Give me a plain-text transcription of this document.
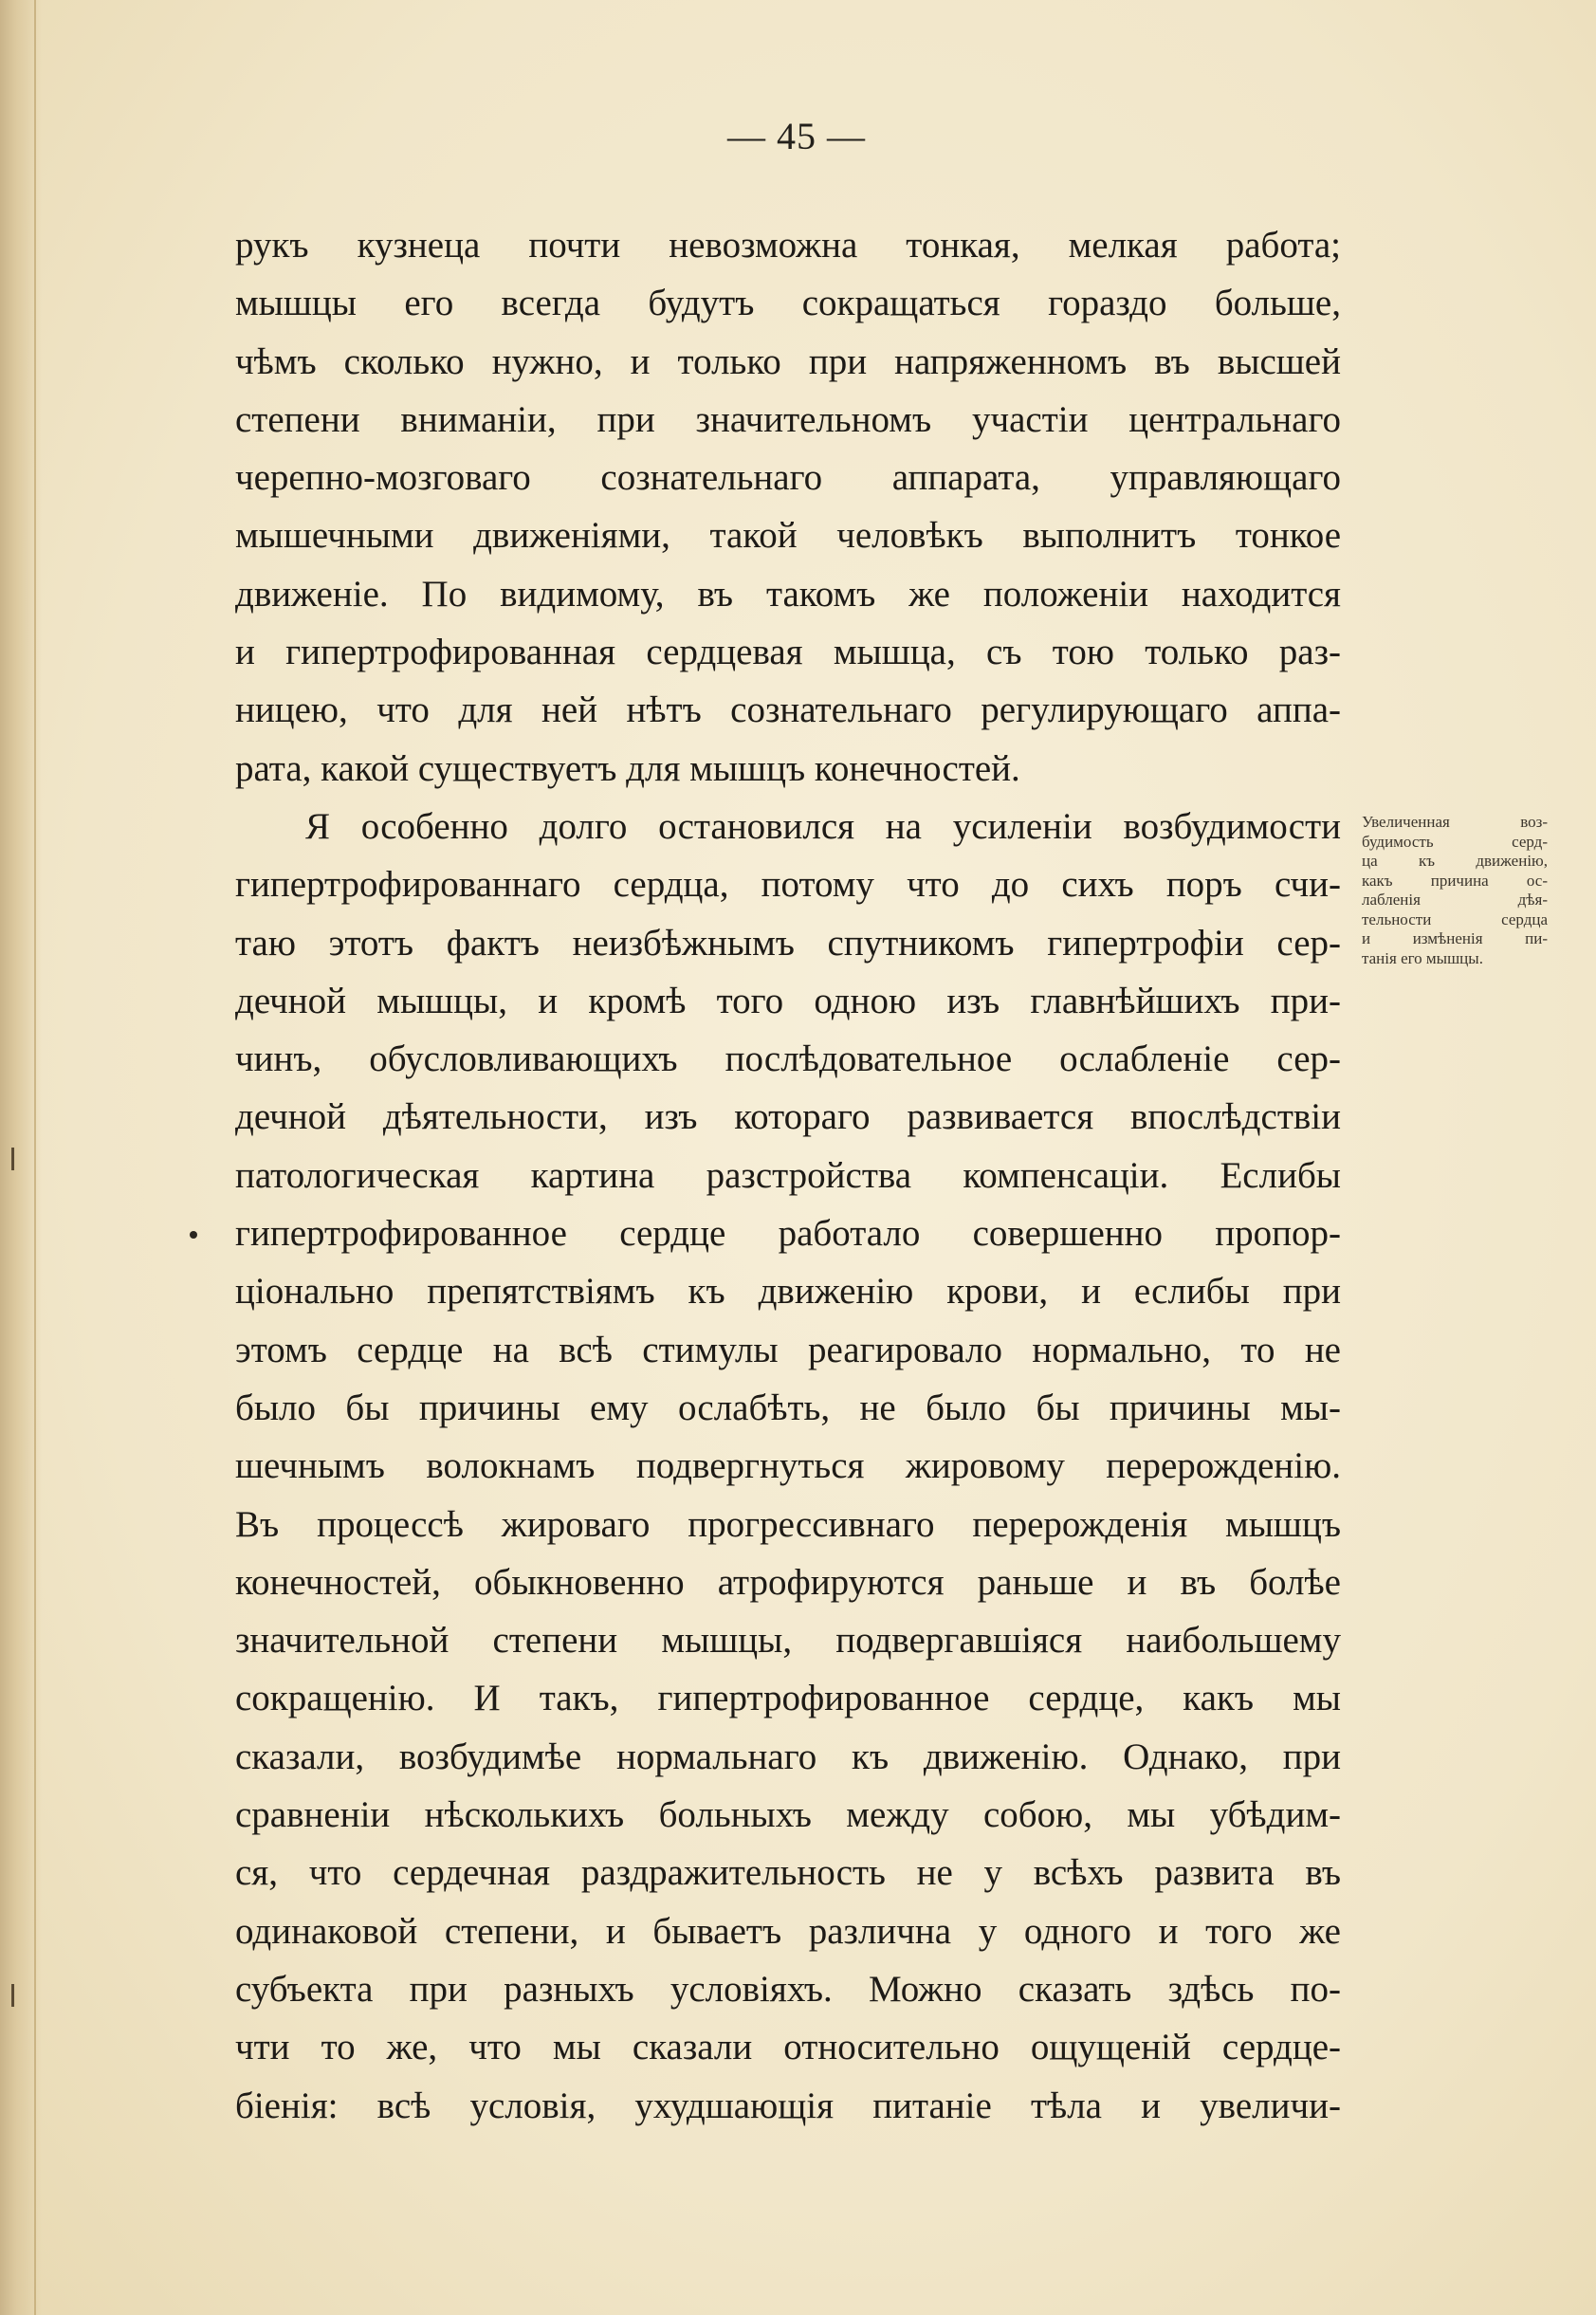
— 45 —
рукъ кузнеца почти невозможна тонкая, мелкая работа;
мышцы его всегда будутъ сокращаться гораздо больше,
чѣмъ сколько нужно, и только при напряженномъ въ высшей
степени вниманіи, при значительномъ участіи центральнаго
черепно-мозговаго сознательнаго аппарата, управляющаго
мышечными движеніями, такой человѣкъ выполнитъ тонкое
движеніе. По видимому, въ такомъ же положеніи находится
и гипертрофированная сердцевая мышца, съ тою только раз-
ницею, что для ней нѣтъ сознательнаго регулирующаго аппа-
рата, какой существуетъ для мышцъ конечностей.
Я особенно долго остановился на усиленіи возбудимости
гипертрофированнаго сердца, потому что до сихъ поръ счи-
таю этотъ фактъ неизбѣжнымъ спутникомъ гипертрофіи сер-
дечной мышцы, и кромѣ того одною изъ главнѣйшихъ при-
чинъ, обусловливающихъ послѣдовательное ослабленіе сер-
дечной дѣятельности, изъ котораго развивается впослѣдствіи
патологическая картина разстройства компенсаціи. Еслибы
гипертрофированное сердце работало совершенно пропор-
ціонально препятствіямъ къ движенію крови, и еслибы при
этомъ сердце на всѣ стимулы реагировало нормально, то не
было бы причины ему ослабѣть, не было бы причины мы-
шечнымъ волокнамъ подвергнуться жировому перерожденію.
Въ процессѣ жироваго прогрессивнаго перерожденія мышцъ
конечностей, обыкновенно атрофируются раньше и въ болѣе
значительной степени мышцы, подвергавшіяся наибольшему
сокращенію. И такъ, гипертрофированное сердце, какъ мы
сказали, возбудимѣе нормальнаго къ движенію. Однако, при
сравненіи нѣсколькихъ больныхъ между собою, мы убѣдим-
ся, что сердечная раздражительность не у всѣхъ развита въ
одинаковой степени, и бываетъ различна у одного и того же
субъекта при разныхъ условіяхъ. Можно сказать здѣсь по-
чти то же, что мы сказали относительно ощущеній сердце-
біенія: всѣ условія, ухудшающія питаніе тѣла и увеличи-
Увеличенная воз-
будимость серд-
ца къ движенію,
какъ причина ос-
лабленія дѣя-
тельности сердца
и измѣненія пи-
танія его мышцы.
